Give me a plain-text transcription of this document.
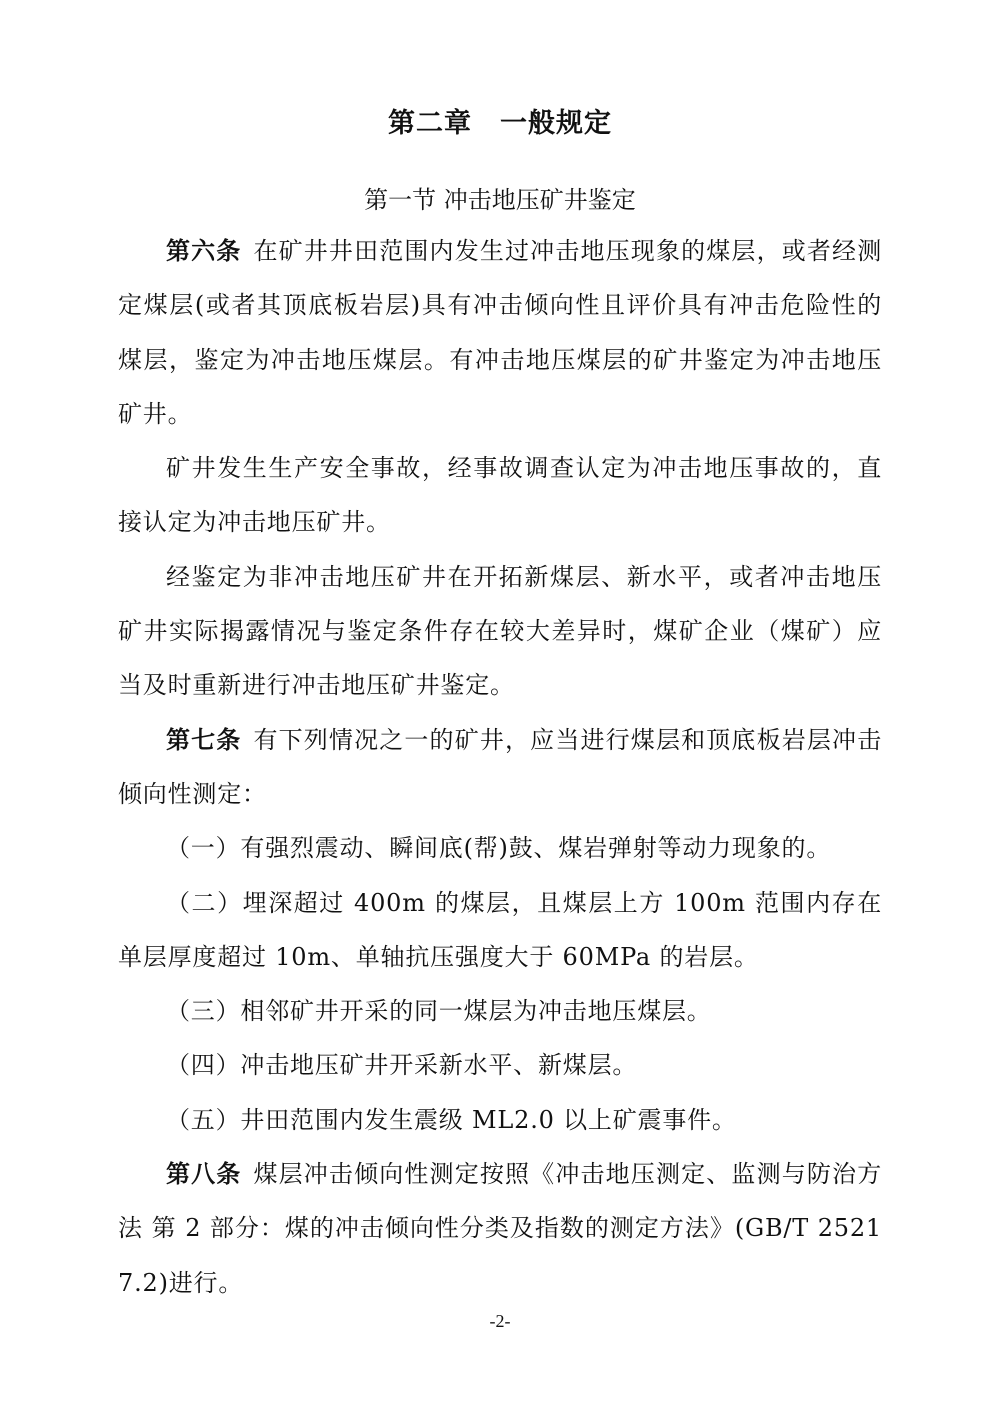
第二章　一般规定
第一节 冲击地压矿井鉴定

第六条 在矿井井田范围内发生过冲击地压现象的煤层，或者经测定煤层(或者其顶底板岩层)具有冲击倾向性且评价具有冲击危险性的煤层，鉴定为冲击地压煤层。有冲击地压煤层的矿井鉴定为冲击地压矿井。

矿井发生生产安全事故，经事故调查认定为冲击地压事故的，直接认定为冲击地压矿井。

经鉴定为非冲击地压矿井在开拓新煤层、新水平，或者冲击地压矿井实际揭露情况与鉴定条件存在较大差异时，煤矿企业（煤矿）应当及时重新进行冲击地压矿井鉴定。

第七条 有下列情况之一的矿井，应当进行煤层和顶底板岩层冲击倾向性测定：

（一）有强烈震动、瞬间底(帮)鼓、煤岩弹射等动力现象的。

（二）埋深超过 400m 的煤层，且煤层上方 100m 范围内存在单层厚度超过 10m、单轴抗压强度大于 60MPa 的岩层。

（三）相邻矿井开采的同一煤层为冲击地压煤层。

（四）冲击地压矿井开采新水平、新煤层。

（五）井田范围内发生震级 ML2.0 以上矿震事件。

第八条 煤层冲击倾向性测定按照《冲击地压测定、监测与防治方法 第 2 部分：煤的冲击倾向性分类及指数的测定方法》(GB/T 25217.2)进行。

-2-
